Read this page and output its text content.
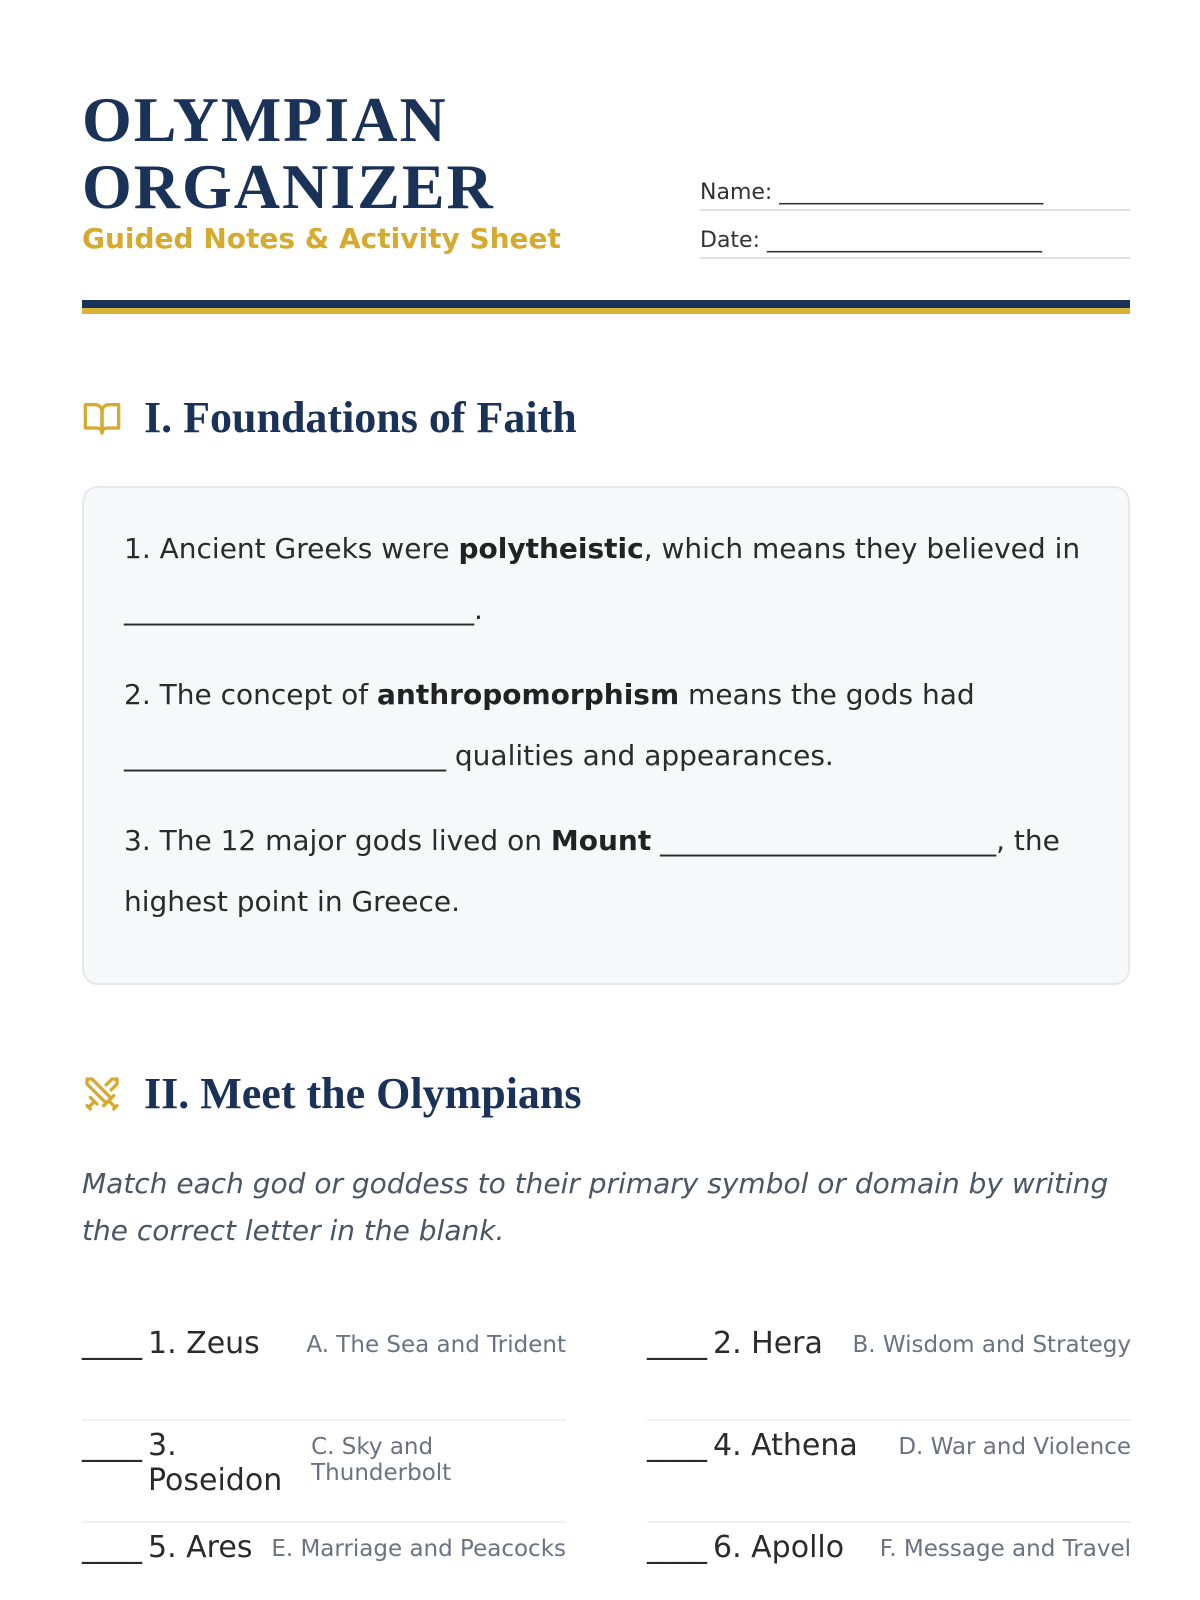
OLYMPIAN
ORGANIZER
Guided Notes & Activity Sheet
Name: ________________________
Date: _________________________
I. Foundations of Faith

1. Ancient Greeks were polytheistic, which means they believed in _________________________.

2. The concept of anthropomorphism means the gods had _______________________ qualities and appearances.

3. The 12 major gods lived on Mount ________________________, the highest point in Greece.

II. Meet the Olympians

Match each god or goddess to their primary symbol or domain by writing the correct letter in the blank.

____ 1. Zeus A. The Sea and Trident	____ 2. Hera B. Wisdom and Strategy
____ 3. Poseidon
C. Sky and Thunderbolt
____ 4. Athena D. War and Violence
____ 5. Ares E. Marriage and Peacocks	____ 6. Apollo F. Message and Travel
